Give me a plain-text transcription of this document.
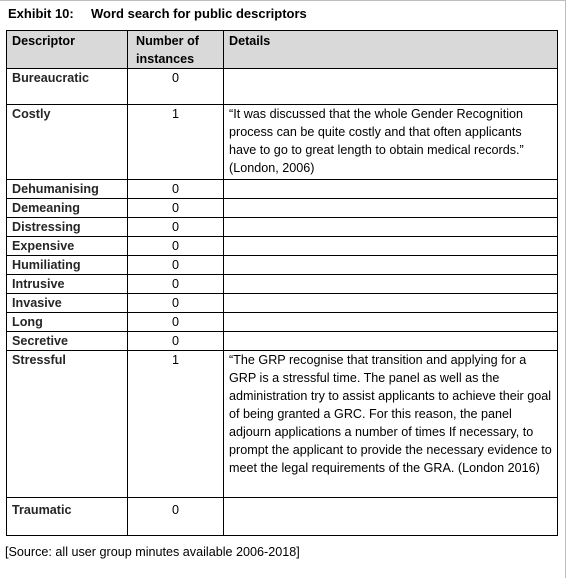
Exhibit 10: Word search for public descriptors
Descriptor	Number of instances	Details
Bureaucratic	0	
Costly	1	“It was discussed that the whole Gender Recognition process can be quite costly and that often applicants have to go to great length to obtain medical records.” (London, 2006)
Dehumanising	0	
Demeaning	0	
Distressing	0	
Expensive	0	
Humiliating	0	
Intrusive	0	
Invasive	0	
Long	0	
Secretive	0	
Stressful	1	“The GRP recognise that transition and applying for a GRP is a stressful time. The panel as well as the administration try to assist applicants to achieve their goal of being granted a GRC. For this reason, the panel adjourn applications a number of times If necessary, to prompt the applicant to provide the necessary evidence to meet the legal requirements of the GRA. (London 2016)
Traumatic	0	
[Source: all user group minutes available 2006-2018]
